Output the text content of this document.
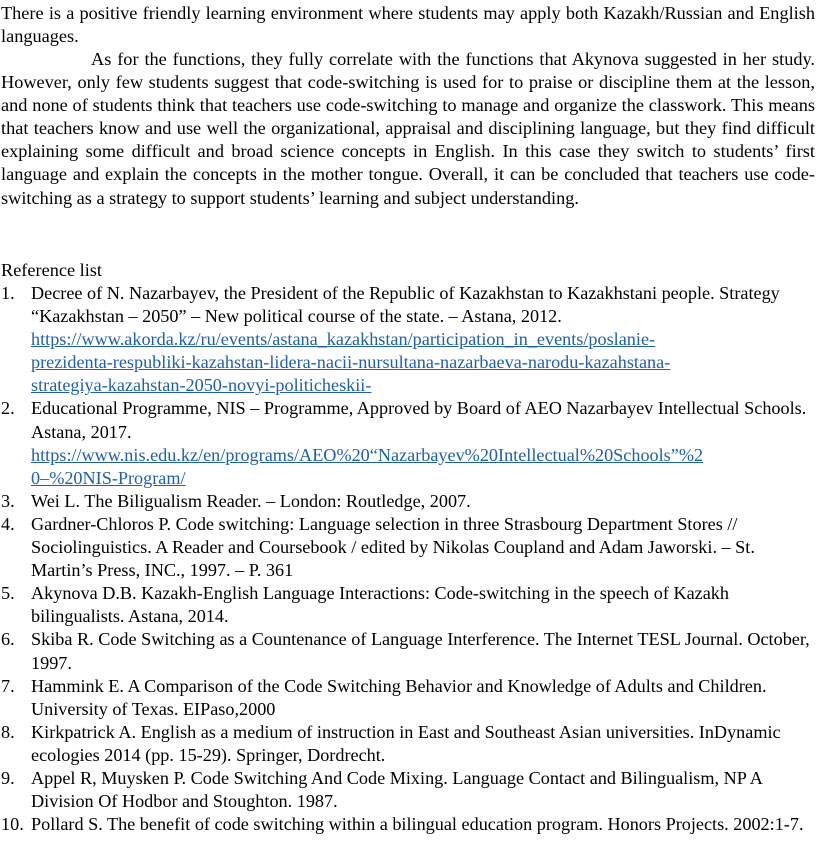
There is a positive friendly learning environment where students may apply both Kazakh/Russian and English languages.

As for the functions, they fully correlate with the functions that Akynova suggested in her study. However, only few students suggest that code-switching is used for to praise or discipline them at the lesson, and none of students think that teachers use code-switching to manage and organize the classwork. This means that teachers know and use well the organizational, appraisal and disciplining language, but they find difficult explaining some difficult and broad science concepts in English. In this case they switch to students’ first language and explain the concepts in the mother tongue. Overall, it can be concluded that teachers use code-switching as a strategy to support students’ learning and subject understanding.

Reference list

1. Decree of N. Nazarbayev, the President of the Republic of Kazakhstan to Kazakhstani people. Strategy “Kazakhstan – 2050” – New political course of the state. – Astana, 2012.
https://www.akorda.kz/ru/events/astana_kazakhstan/participation_in_events/poslanie-
prezidenta-respubliki-kazahstan-lidera-nacii-nursultana-nazarbaeva-narodu-kazahstana-
strategiya-kazahstan-2050-novyi-politicheskii-
2. Educational Programme, NIS – Programme, Approved by Board of AEO Nazarbayev Intellectual Schools. Astana, 2017.
https://www.nis.edu.kz/en/programs/AEO%20“Nazarbayev%20Intellectual%20Schools”%2
0–%20NIS-Program/
3. Wei L. The Biligualism Reader. – London: Routledge, 2007.
4. Gardner-Chloros P. Code switching: Language selection in three Strasbourg Department Stores // Sociolinguistics. A Reader and Coursebook / edited by Nikolas Coupland and Adam Jaworski. – St. Martin’s Press, INC., 1997. – P. 361
5. Akynova D.B. Kazakh-English Language Interactions: Code-switching in the speech of Kazakh bilingualists. Astana, 2014.
6. Skiba R. Code Switching as a Countenance of Language Interference. The Internet TESL Journal. October, 1997.
7. Hammink E. A Comparison of the Code Switching Behavior and Knowledge of Adults and Children. University of Texas. EIPaso,2000
8. Kirkpatrick A. English as a medium of instruction in East and Southeast Asian universities. InDynamic ecologies 2014 (pp. 15-29). Springer, Dordrecht.
9. Appel R, Muysken P. Code Switching And Code Mixing. Language Contact and Bilingualism, NP A Division Of Hodbor and Stoughton. 1987.
10. Pollard S. The benefit of code switching within a bilingual education program. Honors Projects. 2002:1-7.
